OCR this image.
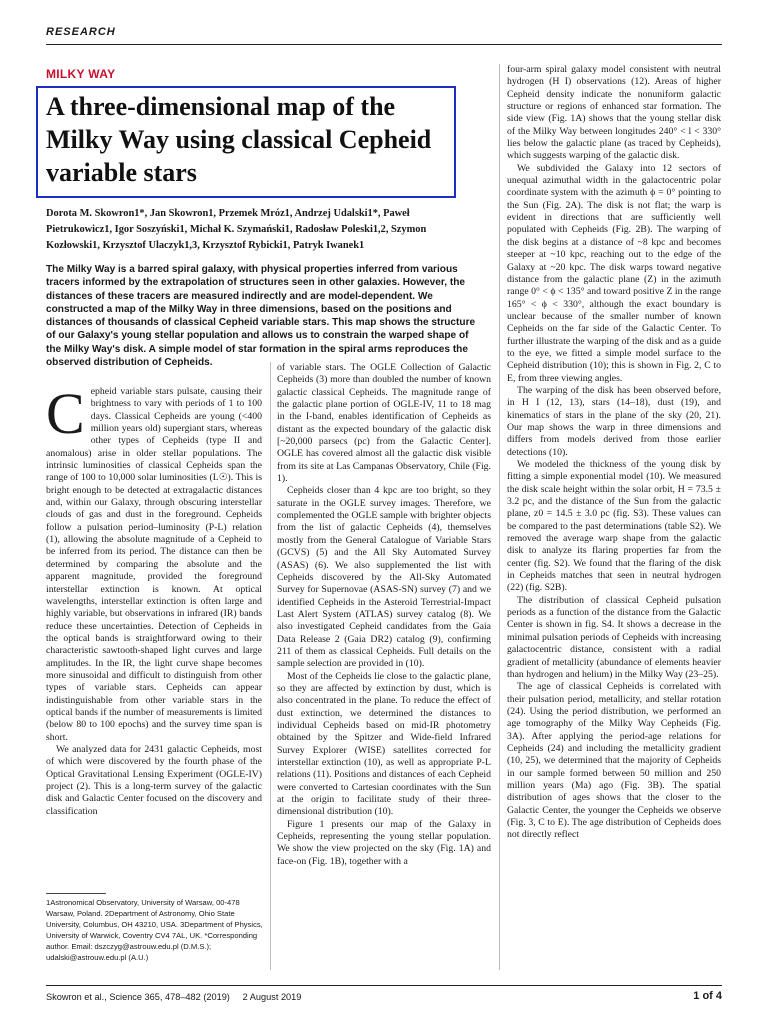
RESEARCH
MILKY WAY
A three-dimensional map of the Milky Way using classical Cepheid variable stars
Dorota M. Skowron1*, Jan Skowron1, Przemek Mróz1, Andrzej Udalski1*, Paweł Pietrukowicz1, Igor Soszyński1, Michał K. Szymański1, Radosław Poleski1,2, Szymon Kozłowski1, Krzysztof Ulaczyk1,3, Krzysztof Rybicki1, Patryk Iwanek1

The Milky Way is a barred spiral galaxy, with physical properties inferred from various tracers informed by the extrapolation of structures seen in other galaxies. However, the distances of these tracers are measured indirectly and are model-dependent. We constructed a map of the Milky Way in three dimensions, based on the positions and distances of thousands of classical Cepheid variable stars. This map shows the structure of our Galaxy's young stellar population and allows us to constrain the warped shape of the Milky Way's disk. A simple model of star formation in the spiral arms reproduces the observed distribution of Cepheids.

Cepheid variable stars pulsate, causing their brightness to vary with periods of 1 to 100 days. Classical Cepheids are young (<400 million years old) supergiant stars, whereas other types of Cepheids (type II and anomalous) arise in older stellar populations. The intrinsic luminosities of classical Cepheids span the range of 100 to 10,000 solar luminosities (L☉). This is bright enough to be detected at extragalactic distances and, within our Galaxy, through obscuring interstellar clouds of gas and dust in the foreground. Cepheids follow a pulsation period–luminosity (P-L) relation (1), allowing the absolute magnitude of a Cepheid to be inferred from its period. The distance can then be determined by comparing the absolute and the apparent magnitude, provided the foreground interstellar extinction is known. At optical wavelengths, interstellar extinction is often large and highly variable, but observations in infrared (IR) bands reduce these uncertainties. Detection of Cepheids in the optical bands is straightforward owing to their characteristic sawtooth-shaped light curves and large amplitudes. In the IR, the light curve shape becomes more sinusoidal and difficult to distinguish from other types of variable stars. Cepheids can appear indistinguishable from other variable stars in the optical bands if the number of measurements is limited (below 80 to 100 epochs) and the survey time span is short.

We analyzed data for 2431 galactic Cepheids, most of which were discovered by the fourth phase of the Optical Gravitational Lensing Experiment (OGLE-IV) project (2). This is a long-term survey of the galactic disk and Galactic Center focused on the discovery and classification

of variable stars. The OGLE Collection of Galactic Cepheids (3) more than doubled the number of known galactic classical Cepheids. The magnitude range of the galactic plane portion of OGLE-IV, 11 to 18 mag in the I-band, enables identification of Cepheids as distant as the expected boundary of the galactic disk [~20,000 parsecs (pc) from the Galactic Center]. OGLE has covered almost all the galactic disk visible from its site at Las Campanas Observatory, Chile (Fig. 1).

Cepheids closer than 4 kpc are too bright, so they saturate in the OGLE survey images. Therefore, we complemented the OGLE sample with brighter objects from the list of galactic Cepheids (4), themselves mostly from the General Catalogue of Variable Stars (GCVS) (5) and the All Sky Automated Survey (ASAS) (6). We also supplemented the list with Cepheids discovered by the All-Sky Automated Survey for Supernovae (ASAS-SN) survey (7) and we identified Cepheids in the Asteroid Terrestrial-Impact Last Alert System (ATLAS) survey catalog (8). We also investigated Cepheid candidates from the Gaia Data Release 2 (Gaia DR2) catalog (9), confirming 211 of them as classical Cepheids. Full details on the sample selection are provided in (10).

Most of the Cepheids lie close to the galactic plane, so they are affected by extinction by dust, which is also concentrated in the plane. To reduce the effect of dust extinction, we determined the distances to individual Cepheids based on mid-IR photometry obtained by the Spitzer and Wide-field Infrared Survey Explorer (WISE) satellites corrected for interstellar extinction (10), as well as appropriate P-L relations (11). Positions and distances of each Cepheid were converted to Cartesian coordinates with the Sun at the origin to facilitate study of their three-dimensional distribution (10).

Figure 1 presents our map of the Galaxy in Cepheids, representing the young stellar population. We show the view projected on the sky (Fig. 1A) and face-on (Fig. 1B), together with a

four-arm spiral galaxy model consistent with neutral hydrogen (H I) observations (12). Areas of higher Cepheid density indicate the nonuniform galactic structure or regions of enhanced star formation. The side view (Fig. 1A) shows that the young stellar disk of the Milky Way between longitudes 240° < l < 330° lies below the galactic plane (as traced by Cepheids), which suggests warping of the galactic disk.

We subdivided the Galaxy into 12 sectors of unequal azimuthal width in the galactocentric polar coordinate system with the azimuth ϕ = 0° pointing to the Sun (Fig. 2A). The disk is not flat; the warp is evident in directions that are sufficiently well populated with Cepheids (Fig. 2B). The warping of the disk begins at a distance of ~8 kpc and becomes steeper at ~10 kpc, reaching out to the edge of the Galaxy at ~20 kpc. The disk warps toward negative distance from the galactic plane (Z) in the azimuth range 0° < ϕ < 135° and toward positive Z in the range 165° < ϕ < 330°, although the exact boundary is unclear because of the smaller number of known Cepheids on the far side of the Galactic Center. To further illustrate the warping of the disk and as a guide to the eye, we fitted a simple model surface to the Cepheid distribution (10); this is shown in Fig. 2, C to E, from three viewing angles.

The warping of the disk has been observed before, in H I (12, 13), stars (14–18), dust (19), and kinematics of stars in the plane of the sky (20, 21). Our map shows the warp in three dimensions and differs from models derived from those earlier detections (10).

We modeled the thickness of the young disk by fitting a simple exponential model (10). We measured the disk scale height within the solar orbit, H = 73.5 ± 3.2 pc, and the distance of the Sun from the galactic plane, z0 = 14.5 ± 3.0 pc (fig. S3). These values can be compared to the past determinations (table S2). We removed the average warp shape from the galactic disk to analyze its flaring properties far from the center (fig. S2). We found that the flaring of the disk in Cepheids matches that seen in neutral hydrogen (22) (fig. S2B).

The distribution of classical Cepheid pulsation periods as a function of the distance from the Galactic Center is shown in fig. S4. It shows a decrease in the minimal pulsation periods of Cepheids with increasing galactocentric distance, consistent with a radial gradient of metallicity (abundance of elements heavier than hydrogen and helium) in the Milky Way (23–25).

The age of classical Cepheids is correlated with their pulsation period, metallicity, and stellar rotation (24). Using the period distribution, we performed an age tomography of the Milky Way Cepheids (Fig. 3A). After applying the period-age relations for Cepheids (24) and including the metallicity gradient (10, 25), we determined that the majority of Cepheids in our sample formed between 50 million and 250 million years (Ma) ago (Fig. 3B). The spatial distribution of ages shows that the closer to the Galactic Center, the younger the Cepheids we observe (Fig. 3, C to E). The age distribution of Cepheids does not directly reflect

1Astronomical Observatory, University of Warsaw, 00-478 Warsaw, Poland. 2Department of Astronomy, Ohio State University, Columbus, OH 43210, USA. 3Department of Physics, University of Warwick, Coventry CV4 7AL, UK. *Corresponding author. Email: dszczyg@astrouw.edu.pl (D.M.S.); udalski@astrouw.edu.pl (A.U.)
Skowron et al., Science 365, 478–482 (2019)     2 August 2019	1 of 4
